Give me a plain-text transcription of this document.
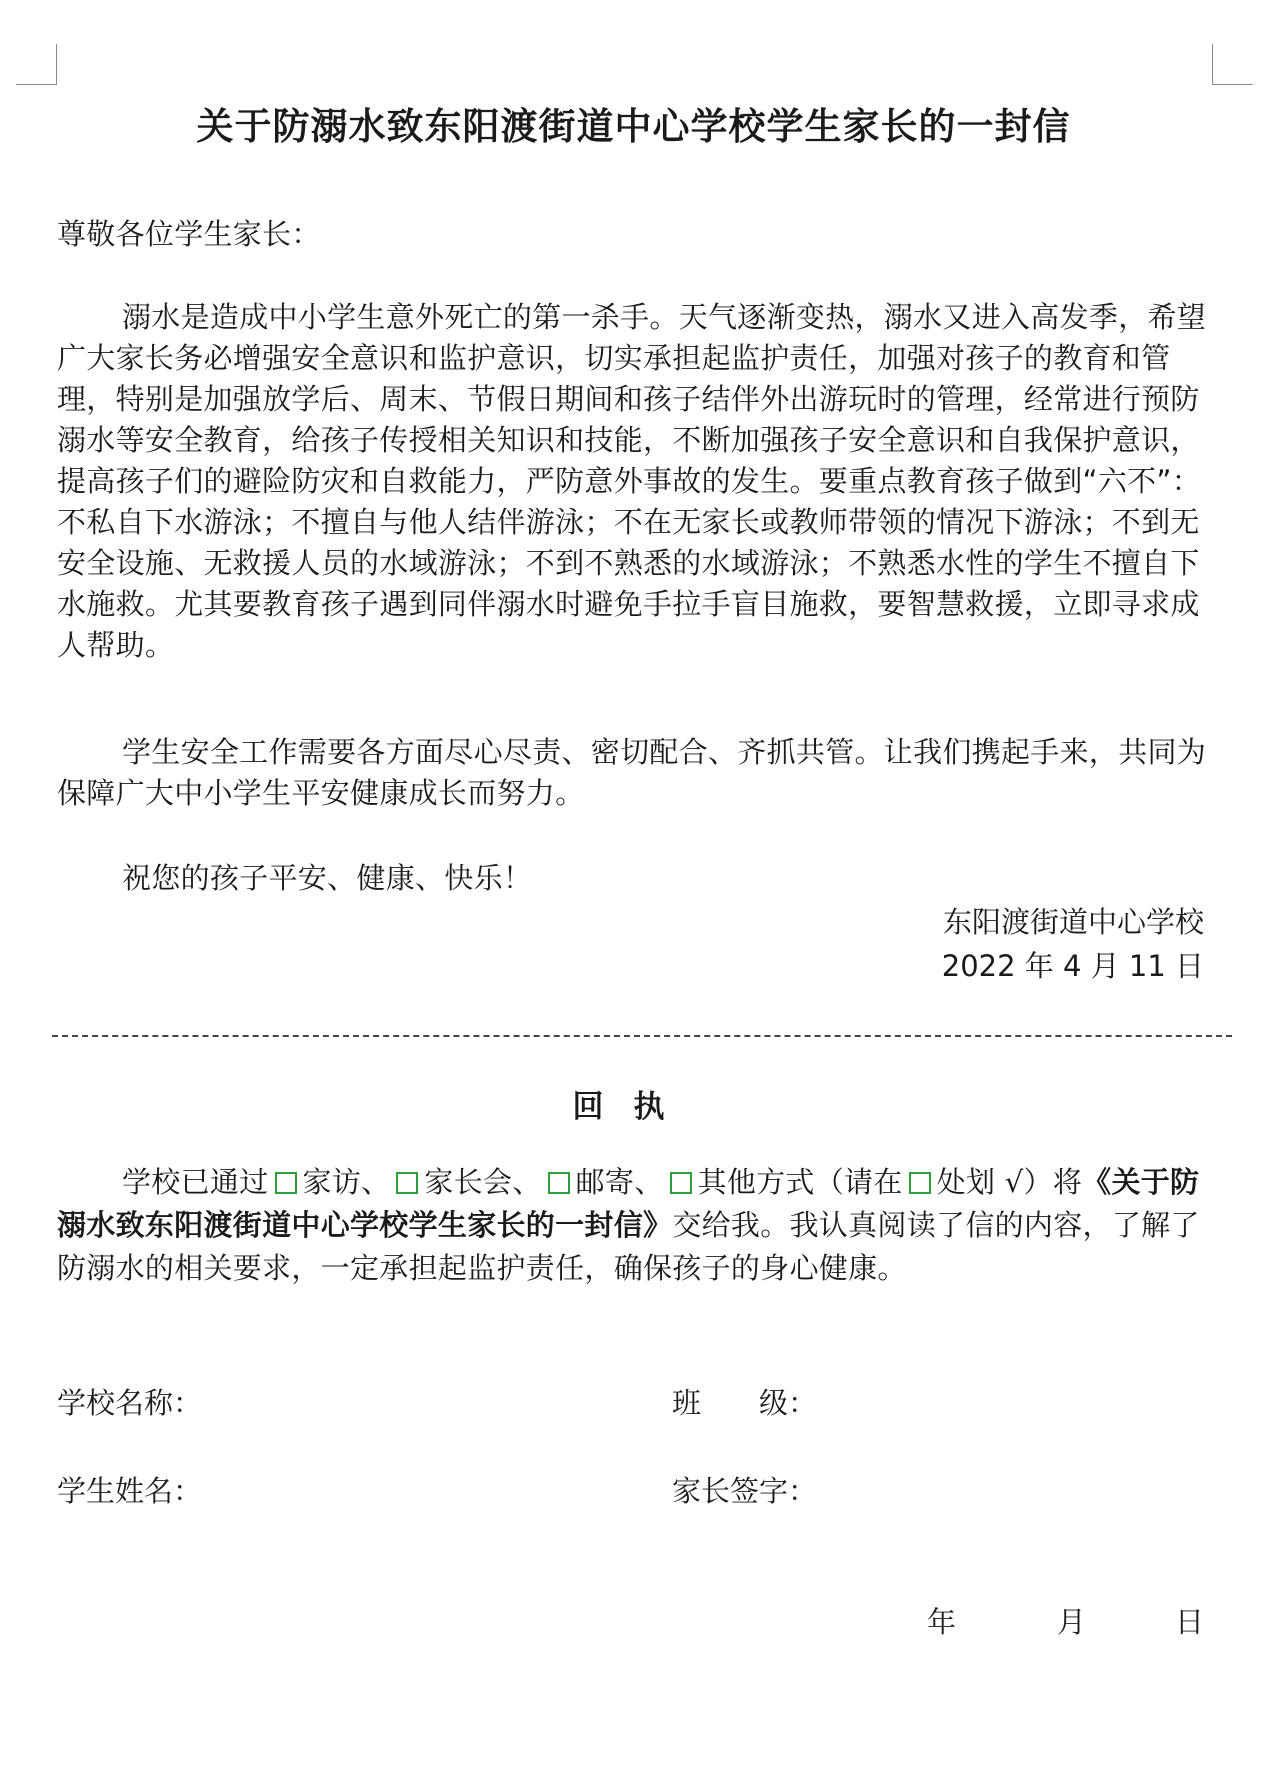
关于防溺水致东阳渡街道中心学校学生家长的一封信
尊敬各位学生家长：
溺水是造成中小学生意外死亡的第一杀手。天气逐渐变热，溺水又进入高发季，希望广大家长务必增强安全意识和监护意识，切实承担起监护责任，加强对孩子的教育和管理，特别是加强放学后、周末、节假日期间和孩子结伴外出游玩时的管理，经常进行预防溺水等安全教育，给孩子传授相关知识和技能，不断加强孩子安全意识和自我保护意识，提高孩子们的避险防灾和自救能力，严防意外事故的发生。要重点教育孩子做到“六不”：不私自下水游泳；不擅自与他人结伴游泳；不在无家长或教师带领的情况下游泳；不到无安全设施、无救援人员的水域游泳；不到不熟悉的水域游泳；不熟悉水性的学生不擅自下水施救。尤其要教育孩子遇到同伴溺水时避免手拉手盲目施救，要智慧救援，立即寻求成人帮助。
学生安全工作需要各方面尽心尽责、密切配合、齐抓共管。让我们携起手来，共同为保障广大中小学生平安健康成长而努力。
祝您的孩子平安、健康、快乐！
东阳渡街道中心学校
2022 年 4 月 11 日
回执
学校已通过 家访、 家长会、 邮寄、 其他方式（请在 处划 √）将《关于防溺水致东阳渡街道中心学校学生家长的一封信》交给我。我认真阅读了信的内容，了解了防溺水的相关要求，一定承担起监护责任，确保孩子的身心健康。
学校名称：	班　　级：
学生姓名：	家长签字：
年	月	日
